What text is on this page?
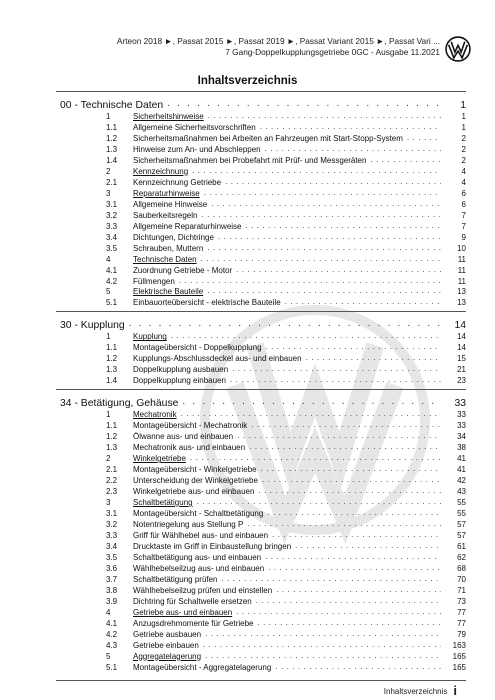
Arteon 2018 ►, Passat 2015 ►, Passat 2019 ►, Passat Variant 2015 ►, Passat Vari ...
7 Gang-Doppelkupplungsgetriebe 0GC - Ausgabe 11.2021
Inhaltsverzeichnis
00 - Technische Daten . . .	1
1	Sicherheitshinweise . . .	1
1.1	Allgemeine Sicherheitsvorschriften . . .	1
1.2	Sicherheitsmaßnahmen bei Arbeiten an Fahrzeugen mit Start-Stopp-System . . .	2
1.3	Hinweise zum An- und Abschleppen . . .	2
1.4	Sicherheitsmaßnahmen bei Probefahrt mit Prüf- und Messgeräten . . .	2
2	Kennzeichnung . . .	4
2.1	Kennzeichnung Getriebe . . .	4
3	Reparaturhinweise . . .	6
3.1	Allgemeine Hinweise . . .	6
3.2	Sauberkeitsregeln . . .	7
3.3	Allgemeine Reparaturhinweise . . .	7
3.4	Dichtungen, Dichtringe . . .	9
3.5	Schrauben, Muttern . . .	10
4	Technische Daten . . .	11
4.1	Zuordnung Getriebe - Motor . . .	11
4.2	Füllmengen . . .	11
5	Elektrische Bauteile . . .	13
5.1	Einbauortеübersicht - elektrische Bauteile . . .	13
30 - Kupplung . . .	14
1	Kupplung . . .	14
1.1	Montageübersicht - Doppelkupplung . . .	14
1.2	Kupplungs-Abschlussdeckel aus- und einbauen . . .	15
1.3	Doppelkupplung ausbauen . . .	21
1.4	Doppelkupplung einbauen . . .	23
34 - Betätigung, Gehäuse . . .	33
1	Mechatronik . . .	33
1.1	Montageübersicht - Mechatronik . . .	33
1.2	Ölwanne aus- und einbauen . . .	34
1.3	Mechatronik aus- und einbauen . . .	38
2	Winkelgetriebe . . .	41
2.1	Montageübersicht - Winkelgetriebe . . .	41
2.2	Unterscheidung der Winkelgetriebe . . .	42
2.3	Winkelgetriebe aus- und einbauen . . .	43
3	Schaltbetätigung . . .	55
3.1	Montageübersicht - Schaltbetätigung . . .	55
3.2	Notentriegelung aus Stellung P . . .	57
3.3	Griff für Wählhebel aus- und einbauen . . .	57
3.4	Drucktaste im Griff in Einbaustellung bringen . . .	61
3.5	Schaltbetätigung aus- und einbauen . . .	62
3.6	Wählhebelseilzug aus- und einbauen . . .	68
3.7	Schaltbetätigung prüfen . . .	70
3.8	Wählhebelseilzug prüfen und einstellen . . .	71
3.9	Dichtring für Schaltwelle ersetzen . . .	73
4	Getriebe aus- und einbauen . . .	77
4.1	Anzugsdrehmomente für Getriebe . . .	77
4.2	Getriebe ausbauen . . .	79
4.3	Getriebe einbauen . . .	163
5	Aggregatelagerung . . .	165
5.1	Montageübersicht - Aggregatelagerung . . .	165
Inhaltsverzeichnis i
